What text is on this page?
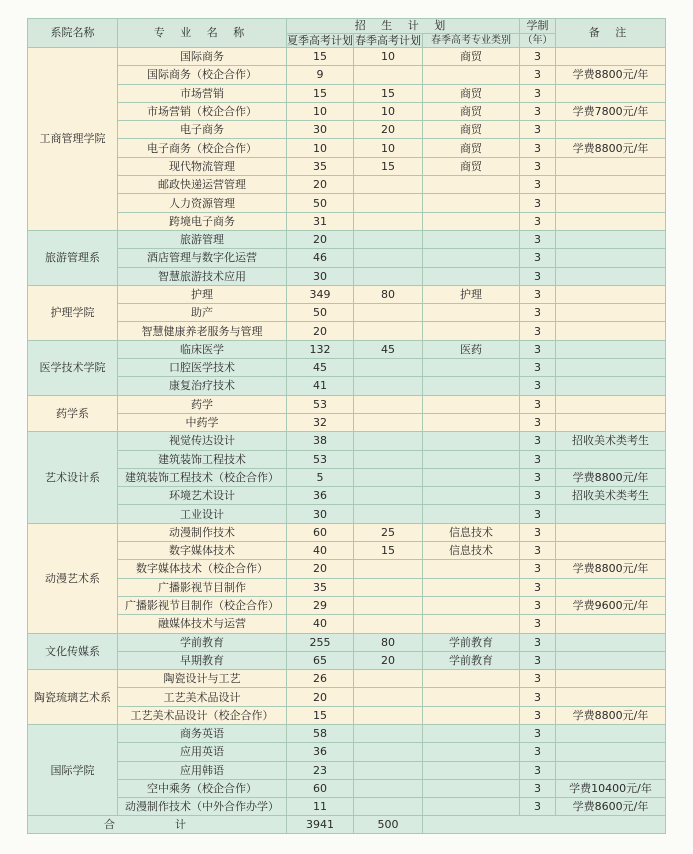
系院名称	专 业 名 称	招 生 计 划			学制	备 注
		夏季高考计划	春季高考计划	春季高考专业类别	（年）	
工商管理学院	国际商务	15	10	商贸	3	
	国际商务（校企合作）	9			3	学费8800元/年
	市场营销	15	15	商贸	3	
	市场营销（校企合作）	10	10	商贸	3	学费7800元/年
	电子商务	30	20	商贸	3	
	电子商务（校企合作）	10	10	商贸	3	学费8800元/年
	现代物流管理	35	15	商贸	3	
	邮政快递运营管理	20			3	
	人力资源管理	50			3	
	跨境电子商务	31			3	
旅游管理系	旅游管理	20			3	
	酒店管理与数字化运营	46			3	
	智慧旅游技术应用	30			3	
护理学院	护理	349	80	护理	3	
	助产	50			3	
	智慧健康养老服务与管理	20			3	
医学技术学院	临床医学	132	45	医药	3	
	口腔医学技术	45			3	
	康复治疗技术	41			3	
药学系	药学	53			3	
	中药学	32			3	
艺术设计系	视觉传达设计	38			3	招收美术类考生
	建筑装饰工程技术	53			3	
	建筑装饰工程技术（校企合作）	5			3	学费8800元/年
	环境艺术设计	36			3	招收美术类考生
	工业设计	30			3	
动漫艺术系	动漫制作技术	60	25	信息技术	3	
	数字媒体技术	40	15	信息技术	3	
	数字媒体技术（校企合作）	20			3	学费8800元/年
	广播影视节目制作	35			3	
	广播影视节目制作（校企合作）	29			3	学费9600元/年
	融媒体技术与运营	40			3	
文化传媒系	学前教育	255	80	学前教育	3	
	早期教育	65	20	学前教育	3	
陶瓷琉璃艺术系	陶瓷设计与工艺	26			3	
	工艺美术品设计	20			3	
	工艺美术品设计（校企合作）	15			3	学费8800元/年
国际学院	商务英语	58			3	
	应用英语	36			3	
	应用韩语	23			3	
	空中乘务（校企合作）	60			3	学费10400元/年
	动漫制作技术（中外合作办学）	11			3	学费8600元/年

合 计		3941	500			
